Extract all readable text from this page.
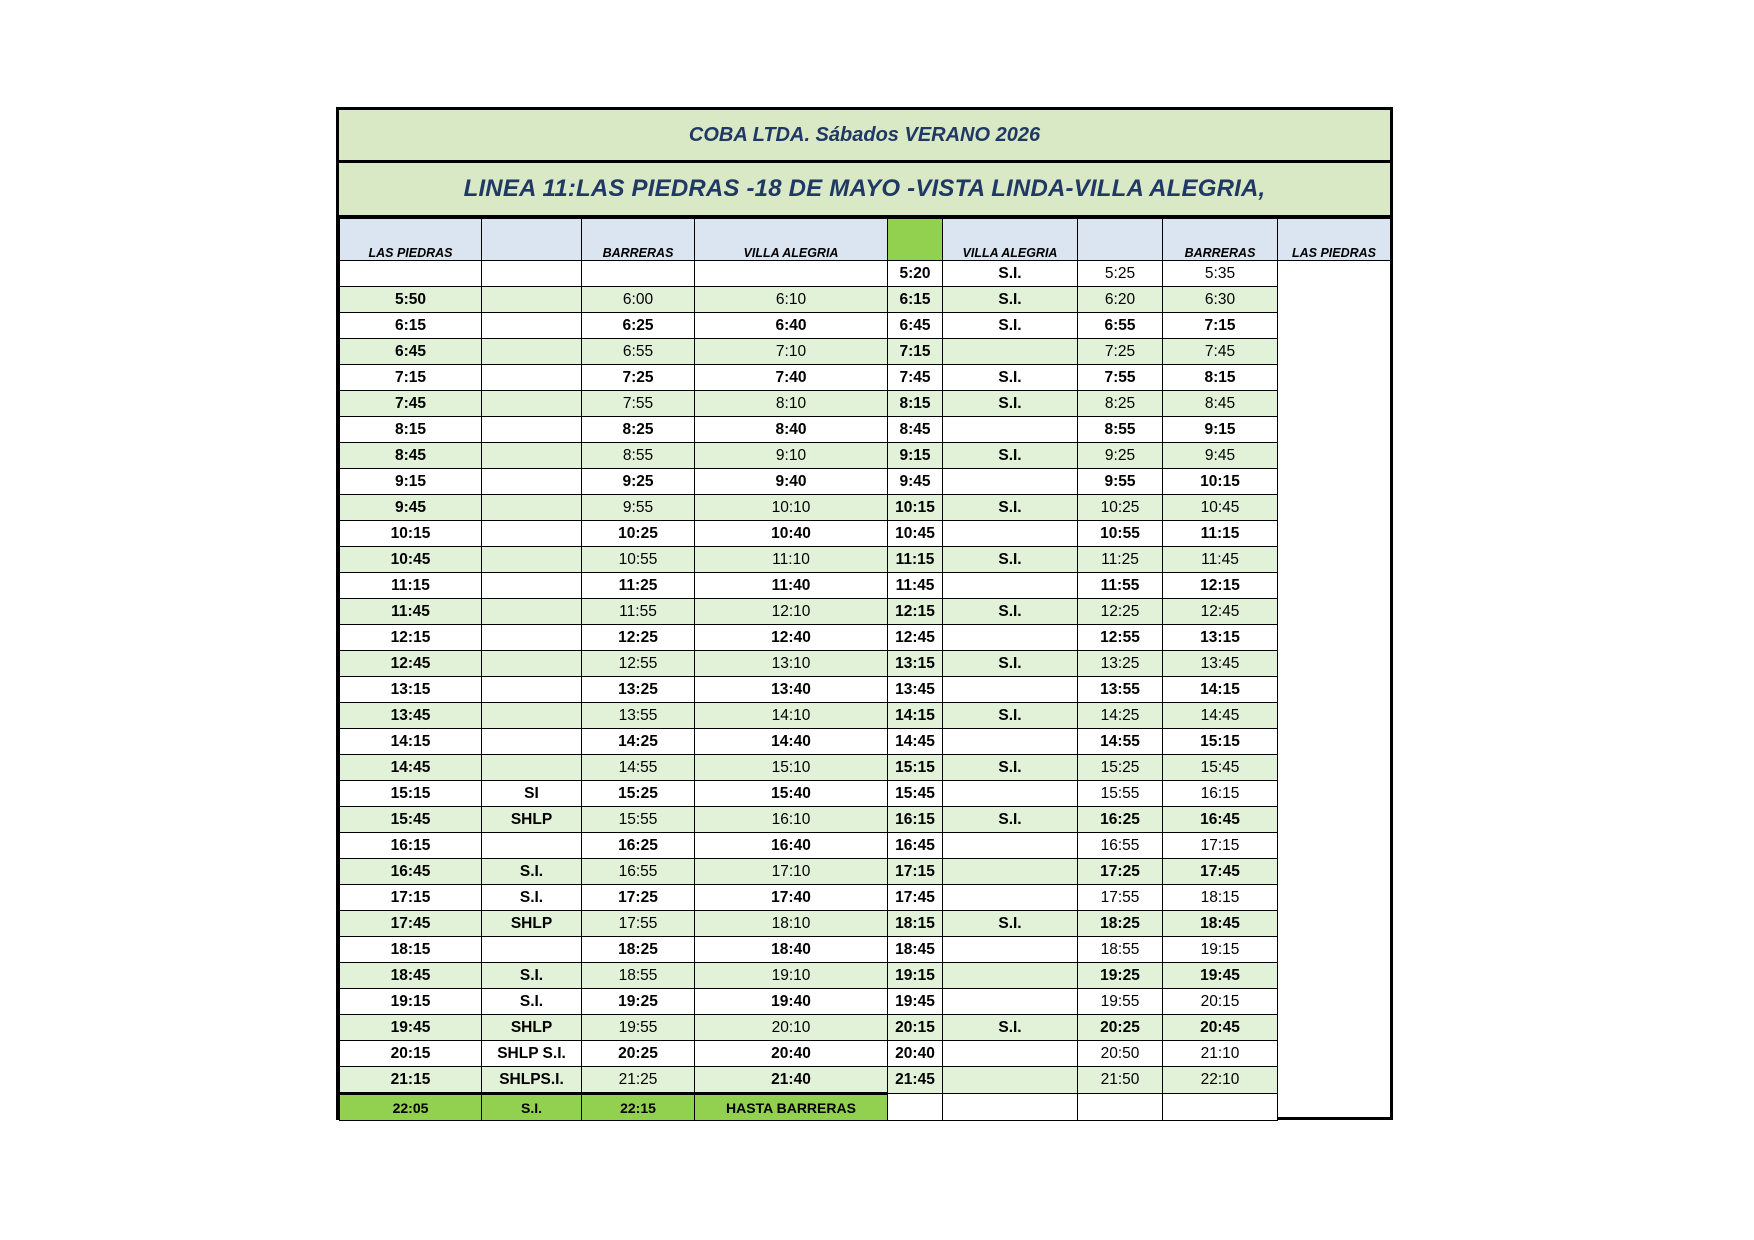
COBA LTDA. Sábados VERANO 2026
LINEA 11:LAS PIEDRAS -18 DE MAYO -VISTA LINDA-VILLA ALEGRIA,
LAS PIEDRAS		BARRERAS	VILLA ALEGRIA		VILLA ALEGRIA		BARRERAS	LAS PIEDRAS
				5:20	S.I.	5:25	5:35	
5:50		6:00	6:10	6:15	S.I.	6:20	6:30	
6:15		6:25	6:40	6:45	S.I.	6:55	7:15	
6:45		6:55	7:10	7:15		7:25	7:45	
7:15		7:25	7:40	7:45	S.I.	7:55	8:15	
7:45		7:55	8:10	8:15	S.I.	8:25	8:45	
8:15		8:25	8:40	8:45		8:55	9:15	
8:45		8:55	9:10	9:15	S.I.	9:25	9:45	
9:15		9:25	9:40	9:45		9:55	10:15	
9:45		9:55	10:10	10:15	S.I.	10:25	10:45	
10:15		10:25	10:40	10:45		10:55	11:15	
10:45		10:55	11:10	11:15	S.I.	11:25	11:45	
11:15		11:25	11:40	11:45		11:55	12:15	
11:45		11:55	12:10	12:15	S.I.	12:25	12:45	
12:15		12:25	12:40	12:45		12:55	13:15	
12:45		12:55	13:10	13:15	S.I.	13:25	13:45	
13:15		13:25	13:40	13:45		13:55	14:15	
13:45		13:55	14:10	14:15	S.I.	14:25	14:45	
14:15		14:25	14:40	14:45		14:55	15:15	
14:45		14:55	15:10	15:15	S.I.	15:25	15:45	
15:15	SI	15:25	15:40	15:45		15:55	16:15	
15:45	SHLP	15:55	16:10	16:15	S.I.	16:25	16:45	
16:15		16:25	16:40	16:45		16:55	17:15	
16:45	S.I.	16:55	17:10	17:15		17:25	17:45	
17:15	S.I.	17:25	17:40	17:45		17:55	18:15	
17:45	SHLP	17:55	18:10	18:15	S.I.	18:25	18:45	
18:15		18:25	18:40	18:45		18:55	19:15	
18:45	S.I.	18:55	19:10	19:15		19:25	19:45	
19:15	S.I.	19:25	19:40	19:45		19:55	20:15	
19:45	SHLP	19:55	20:10	20:15	S.I.	20:25	20:45	
20:15	SHLP S.I.	20:25	20:40	20:40		20:50	21:10	
21:15	SHLPS.I.	21:25	21:40	21:45		21:50	22:10	
22:05	S.I.	22:15	HASTA BARRERAS					
